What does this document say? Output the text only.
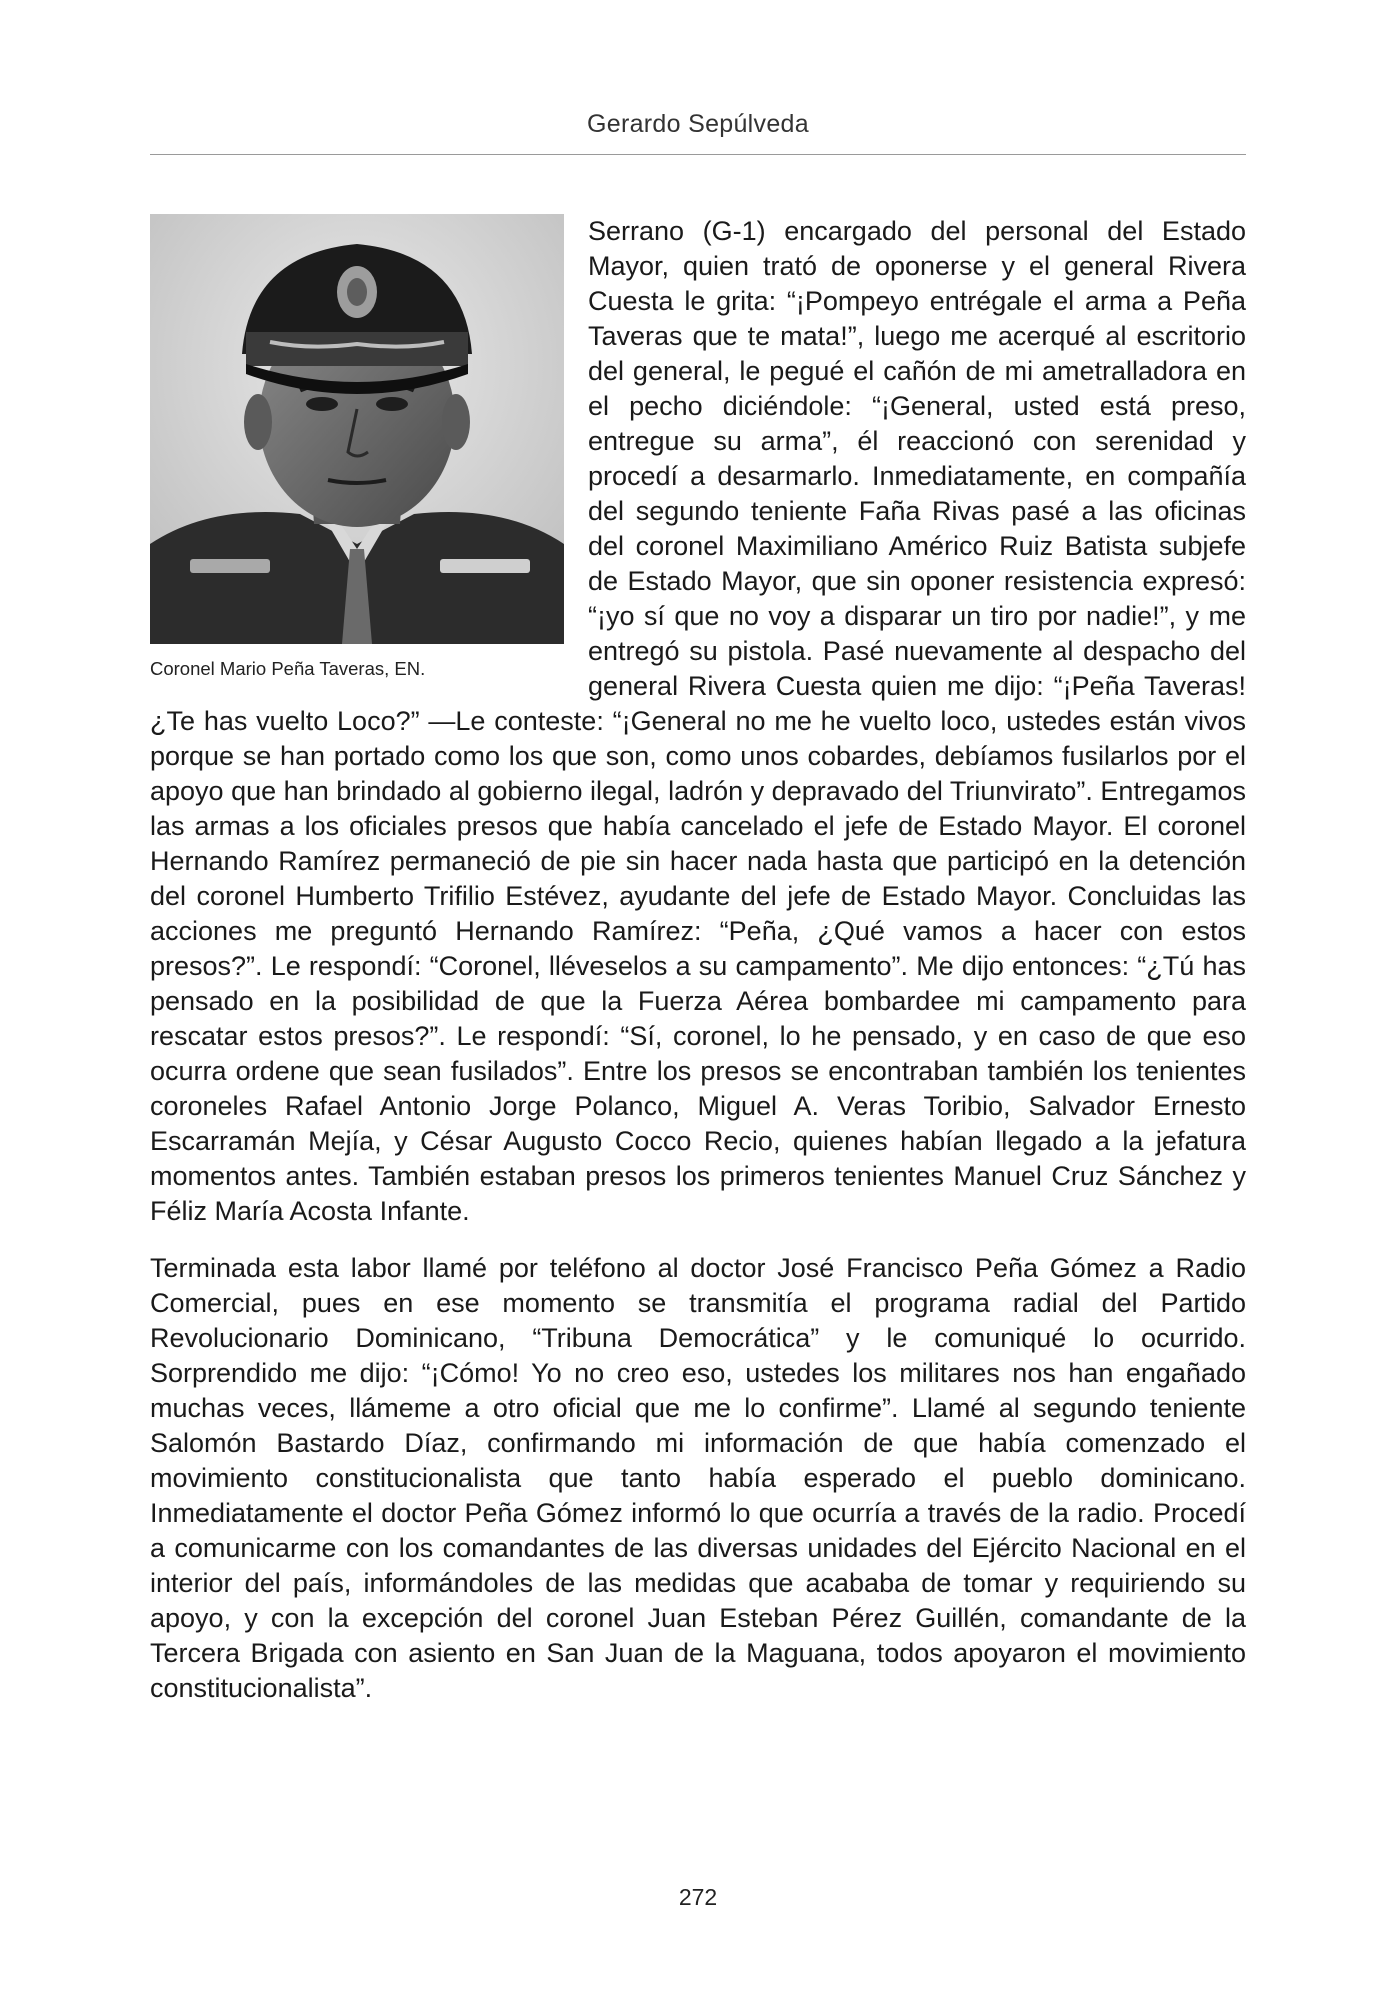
Gerardo Sepúlveda
Coronel Mario Peña Taveras, EN.

Serrano (G-1) encargado del personal del Estado Mayor, quien trató de oponerse y el general Rivera Cuesta le grita: “¡Pompeyo entrégale el arma a Peña Taveras que te mata!”, luego me acerqué al escritorio del general, le pegué el cañón de mi ametralladora en el pecho diciéndole: “¡General, usted está preso, entregue su arma”, él reaccionó con serenidad y procedí a desarmarlo. Inmediatamente, en compañía del segundo teniente Faña Rivas pasé a las oficinas del coronel Maximiliano Américo Ruiz Batista subjefe de Estado Mayor, que sin oponer resistencia expresó: “¡yo sí que no voy a disparar un tiro por nadie!”, y me entregó su pistola. Pasé nuevamente al despacho del general Rivera Cuesta quien me dijo: “¡Peña Taveras! ¿Te has vuelto Loco?” —Le conteste: “¡General no me he vuelto loco, ustedes están vivos porque se han portado como los que son, como unos cobardes, debíamos fusilarlos por el apoyo que han brindado al gobierno ilegal, ladrón y depravado del Triunvirato”. Entregamos las armas a los oficiales presos que había cancelado el jefe de Estado Mayor. El coronel Hernando Ramírez permaneció de pie sin hacer nada hasta que participó en la detención del coronel Humberto Trifilio Estévez, ayudante del jefe de Estado Mayor. Concluidas las acciones me preguntó Hernando Ramírez: “Peña, ¿Qué vamos a hacer con estos presos?”. Le respondí: “Coronel, lléveselos a su campamento”. Me dijo entonces: “¿Tú has pensado en la posibilidad de que la Fuerza Aérea bombardee mi campamento para rescatar estos presos?”. Le respondí: “Sí, coronel, lo he pensado, y en caso de que eso ocurra ordene que sean fusilados”. Entre los presos se encontraban también los tenientes coroneles Rafael Antonio Jorge Polanco, Miguel A. Veras Toribio, Salvador Ernesto Escarramán Mejía, y César Augusto Cocco Recio, quienes habían llegado a la jefatura momentos antes. También estaban presos los primeros tenientes Manuel Cruz Sánchez y Féliz María Acosta Infante.

Terminada esta labor llamé por teléfono al doctor José Francisco Peña Gómez a Radio Comercial, pues en ese momento se transmitía el programa radial del Partido Revolucionario Dominicano, “Tribuna Democrática” y le comuniqué lo ocurrido. Sorprendido me dijo: “¡Cómo! Yo no creo eso, ustedes los militares nos han engañado muchas veces, llámeme a otro oficial que me lo confirme”. Llamé al segundo teniente Salomón Bastardo Díaz, confirmando mi información de que había comenzado el movimiento constitucionalista que tanto había esperado el pueblo dominicano. Inmediatamente el doctor Peña Gómez informó lo que ocurría a través de la radio. Procedí a comunicarme con los comandantes de las diversas unidades del Ejército Nacional en el interior del país, informándoles de las medidas que acababa de tomar y requiriendo su apoyo, y con la excepción del coronel Juan Esteban Pérez Guillén, comandante de la Tercera Brigada con asiento en San Juan de la Maguana, todos apoyaron el movimiento constitucionalista”.

272
